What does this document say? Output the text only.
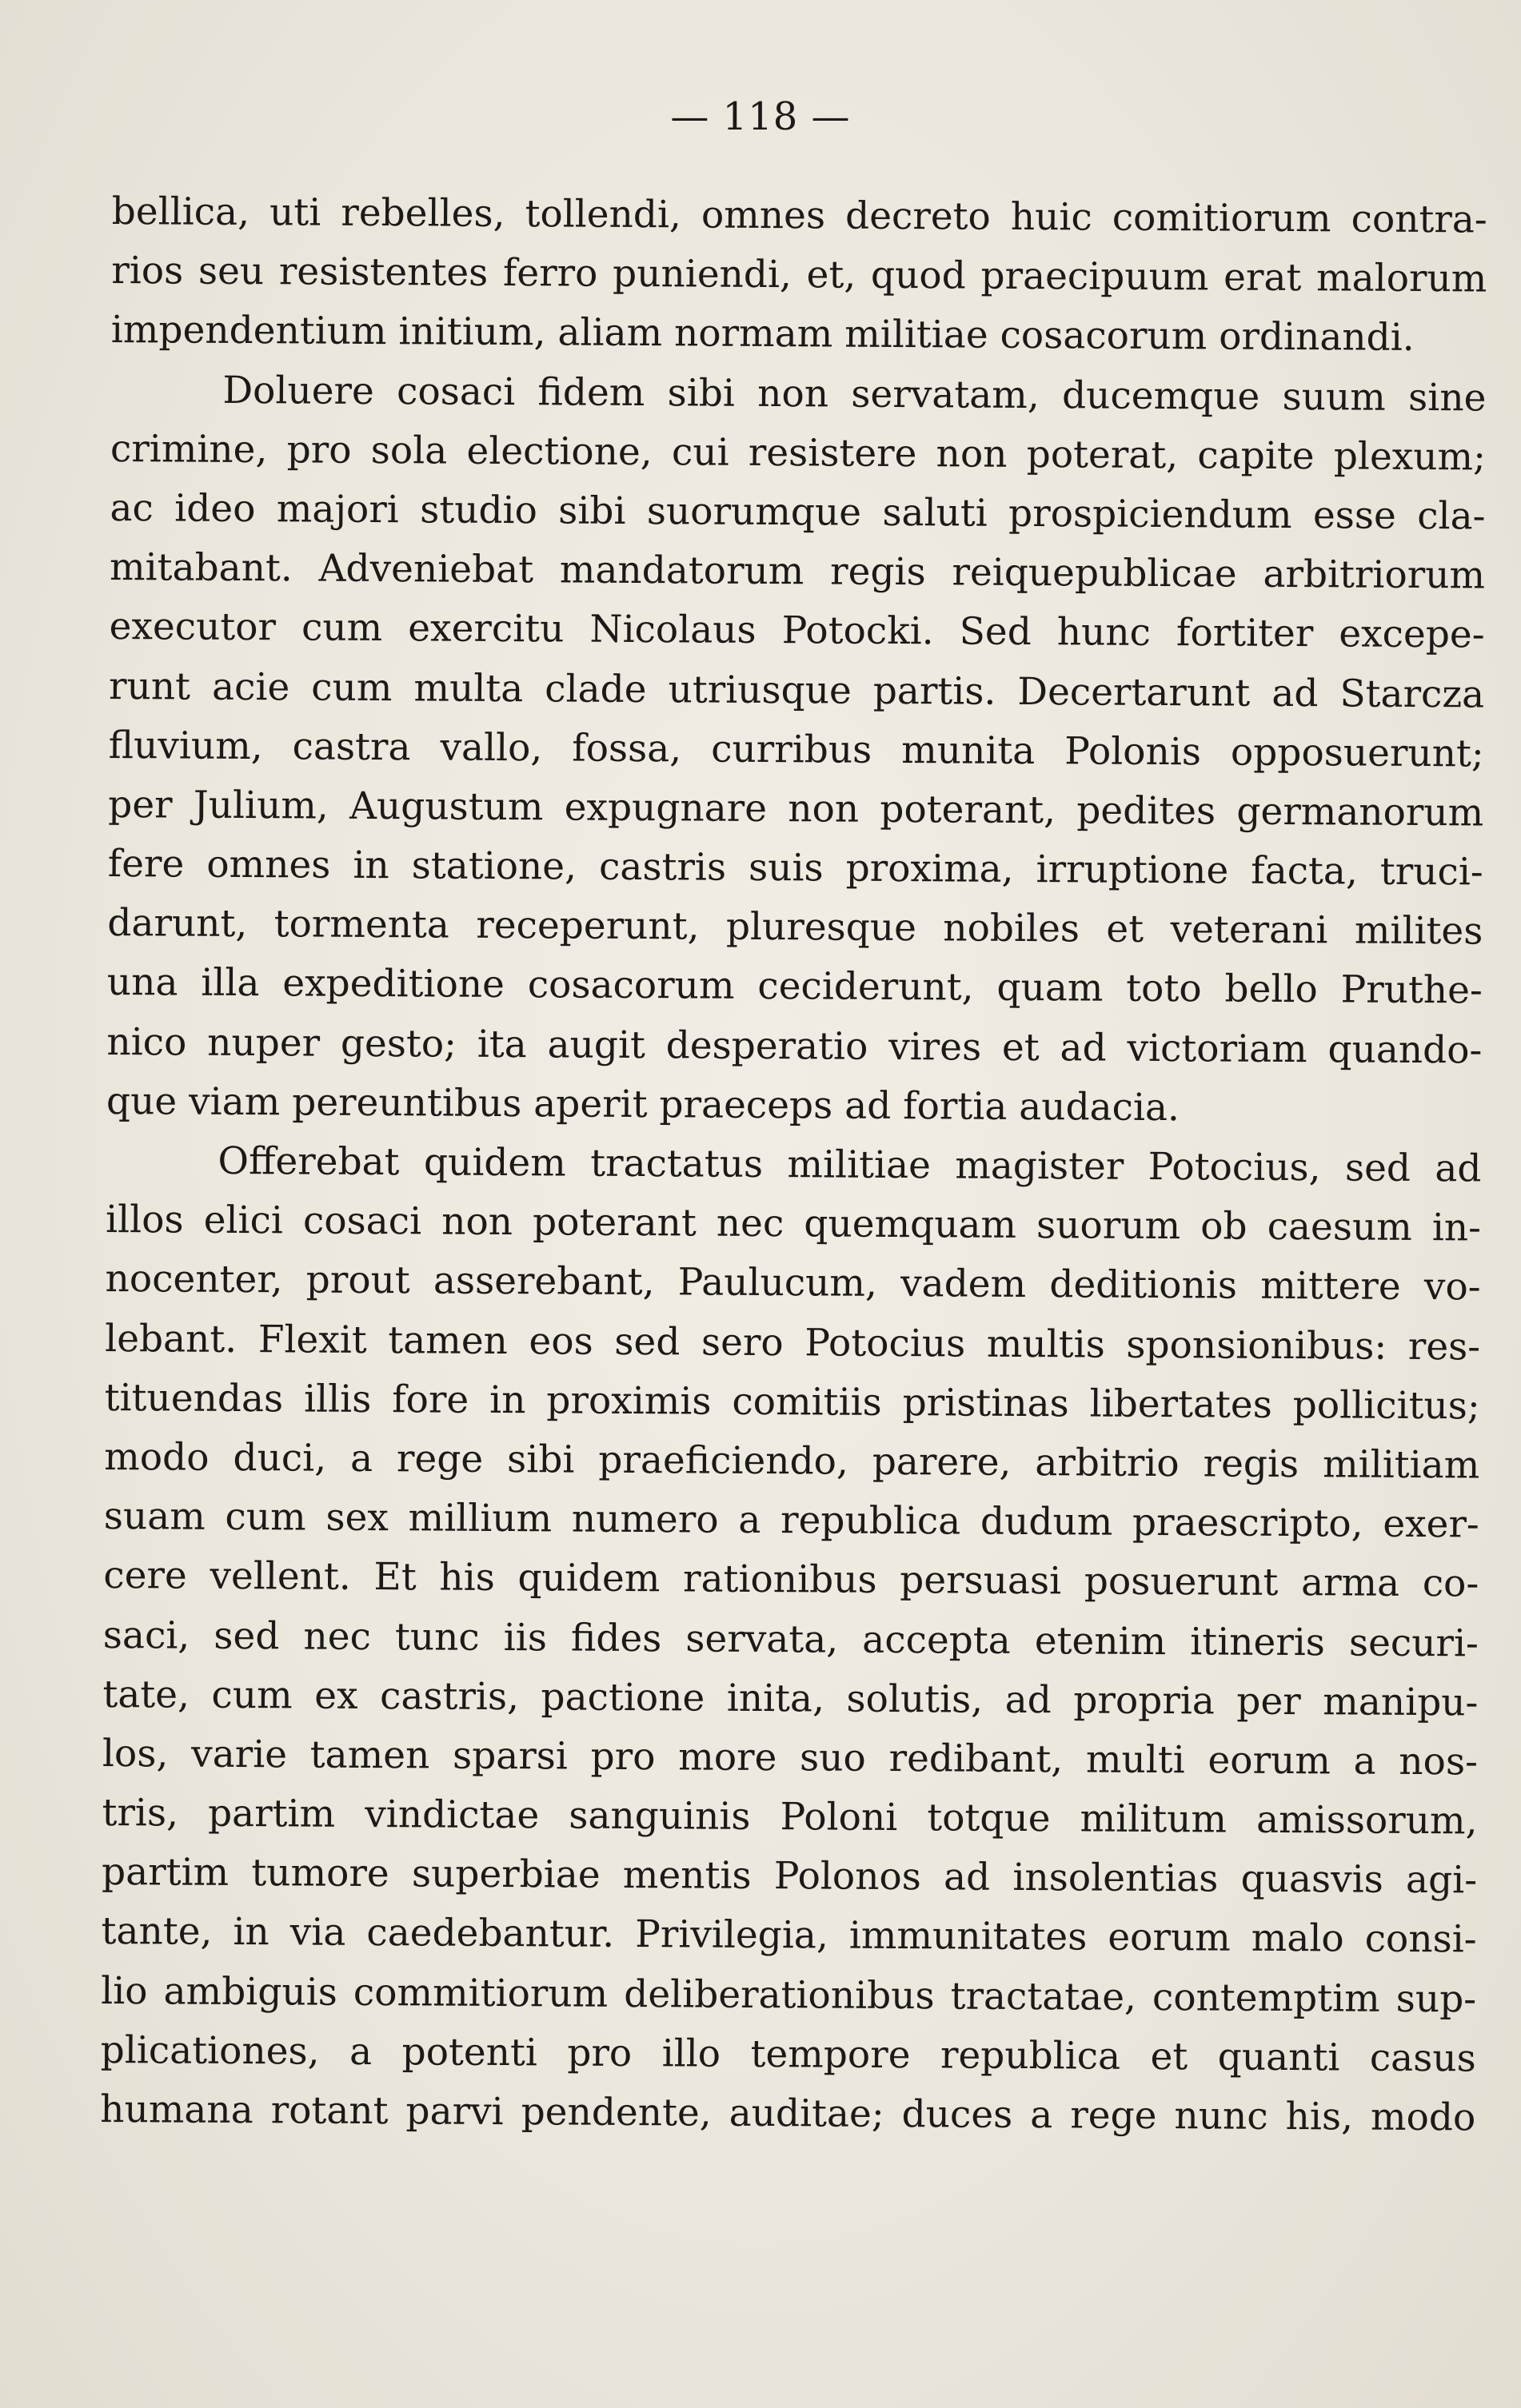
— 118 —
bellica, uti rebelles, tollendi, omnes decreto huic comitiorum contra-
rios seu resistentes ferro puniendi, et, quod praecipuum erat malorum
impendentium initium, aliam normam militiae cosacorum ordinandi.
Doluere cosaci fidem sibi non servatam, ducemque suum sine
crimine, pro sola electione, cui resistere non poterat, capite plexum;
ac ideo majori studio sibi suorumque saluti prospiciendum esse cla-
mitabant. Adveniebat mandatorum regis reiquepublicae arbitriorum
executor cum exercitu Nicolaus Potocki. Sed hunc fortiter excepe-
runt acie cum multa clade utriusque partis. Decertarunt ad Starcza
fluvium, castra vallo, fossa, curribus munita Polonis opposuerunt;
per Julium, Augustum expugnare non poterant, pedites germanorum
fere omnes in statione, castris suis proxima, irruptione facta, truci-
darunt, tormenta receperunt, pluresque nobiles et veterani milites
una illa expeditione cosacorum ceciderunt, quam toto bello Pruthe-
nico nuper gesto; ita augit desperatio vires et ad victoriam quando-
que viam pereuntibus aperit praeceps ad fortia audacia.
Offerebat quidem tractatus militiae magister Potocius, sed ad
illos elici cosaci non poterant nec quemquam suorum ob caesum in-
nocenter, prout asserebant, Paulucum, vadem deditionis mittere vo-
lebant. Flexit tamen eos sed sero Potocius multis sponsionibus: res-
tituendas illis fore in proximis comitiis pristinas libertates pollicitus;
modo duci, a rege sibi praeficiendo, parere, arbitrio regis militiam
suam cum sex millium numero a republica dudum praescripto, exer-
cere vellent. Et his quidem rationibus persuasi posuerunt arma co-
saci, sed nec tunc iis fides servata, accepta etenim itineris securi-
tate, cum ex castris, pactione inita, solutis, ad propria per manipu-
los, varie tamen sparsi pro more suo redibant, multi eorum a nos-
tris, partim vindictae sanguinis Poloni totque militum amissorum,
partim tumore superbiae mentis Polonos ad insolentias quasvis agi-
tante, in via caedebantur. Privilegia, immunitates eorum malo consi-
lio ambiguis commitiorum deliberationibus tractatae, contemptim sup-
plicationes, a potenti pro illo tempore republica et quanti casus
humana rotant parvi pendente, auditae; duces a rege nunc his, modo
